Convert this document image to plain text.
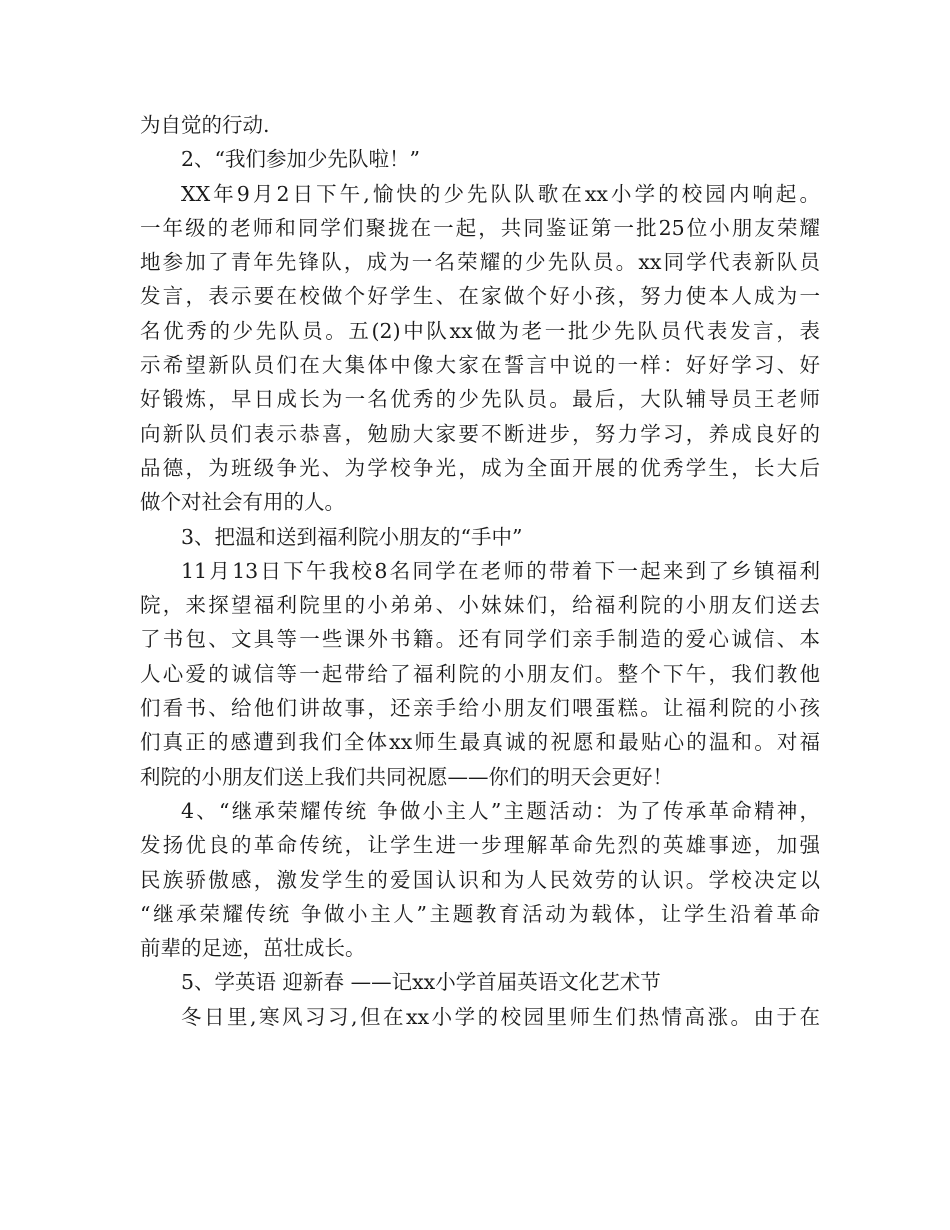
为自觉的行动.
2、“我们参加少先队啦！”
XX年9月2日下午,愉快的少先队队歌在xx小学的校园内响起。
一年级的老师和同学们聚拢在一起，共同鉴证第一批25位小朋友荣耀
地参加了青年先锋队，成为一名荣耀的少先队员。xx同学代表新队员
发言，表示要在校做个好学生、在家做个好小孩，努力使本人成为一
名优秀的少先队员。五(2)中队xx做为老一批少先队员代表发言，表
示希望新队员们在大集体中像大家在誓言中说的一样：好好学习、好
好锻炼，早日成长为一名优秀的少先队员。最后，大队辅导员王老师
向新队员们表示恭喜，勉励大家要不断进步，努力学习，养成良好的
品德，为班级争光、为学校争光，成为全面开展的优秀学生，长大后
做个对社会有用的人。
3、把温和送到福利院小朋友的“手中”
11月13日下午我校8名同学在老师的带着下一起来到了乡镇福利
院，来探望福利院里的小弟弟、小妹妹们，给福利院的小朋友们送去
了书包、文具等一些课外书籍。还有同学们亲手制造的爱心诚信、本
人心爱的诚信等一起带给了福利院的小朋友们。整个下午，我们教他
们看书、给他们讲故事，还亲手给小朋友们喂蛋糕。让福利院的小孩
们真正的感遭到我们全体xx师生最真诚的祝愿和最贴心的温和。对福
利院的小朋友们送上我们共同祝愿——你们的明天会更好！
4、“继承荣耀传统 争做小主人”主题活动：为了传承革命精神，
发扬优良的革命传统，让学生进一步理解革命先烈的英雄事迹，加强
民族骄傲感，激发学生的爱国认识和为人民效劳的认识。学校决定以
“继承荣耀传统 争做小主人”主题教育活动为载体，让学生沿着革命
前辈的足迹，茁壮成长。
5、学英语 迎新春 ——记xx小学首届英语文化艺术节
冬日里,寒风习习,但在xx小学的校园里师生们热情高涨。由于在
